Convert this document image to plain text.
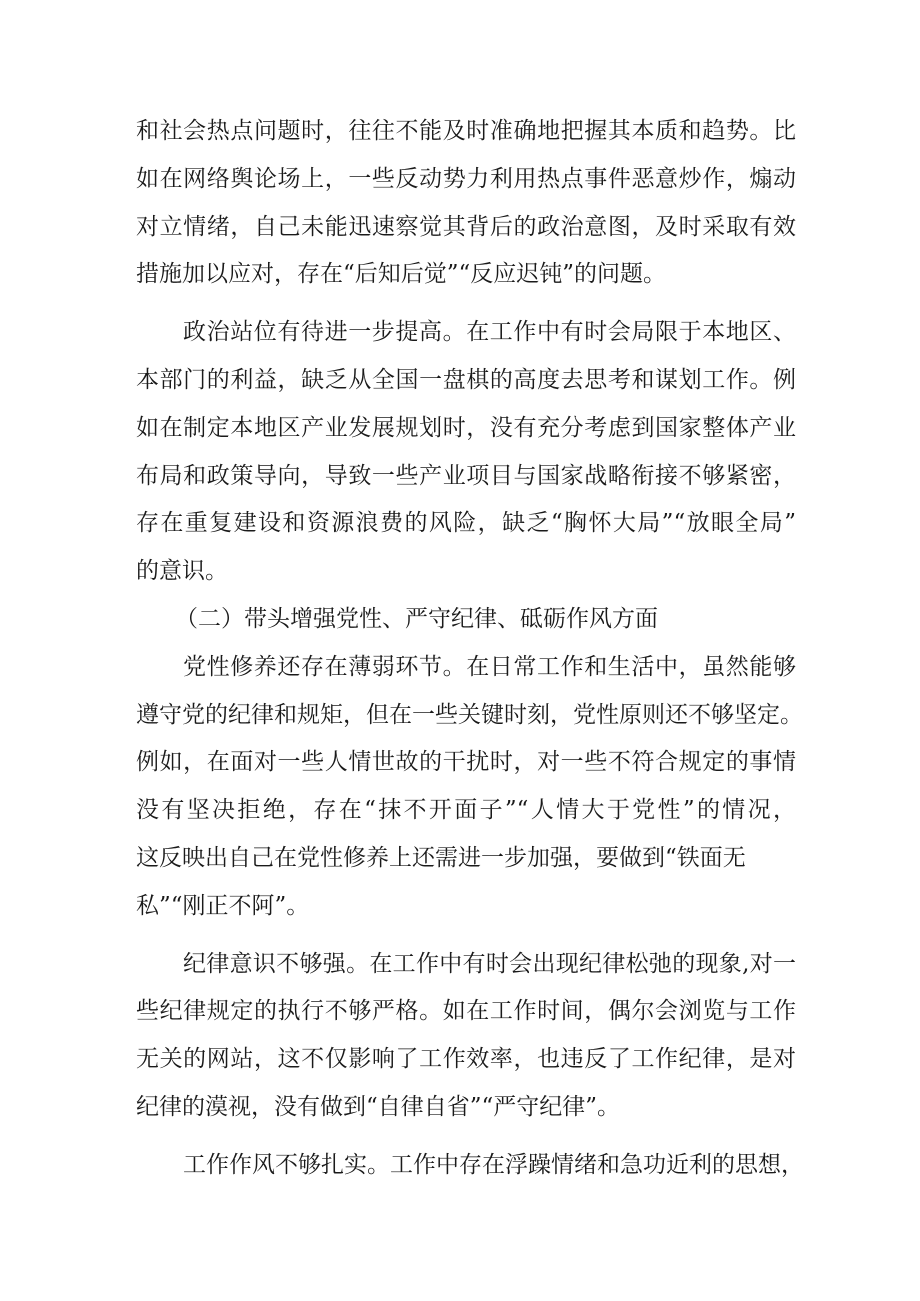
和社会热点问题时，往往不能及时准确地把握其本质和趋势。比
如在网络舆论场上，一些反动势力利用热点事件恶意炒作，煽动
对立情绪，自己未能迅速察觉其背后的政治意图，及时采取有效
措施加以应对，存在“后知后觉”“反应迟钝”的问题。
政治站位有待进一步提高。在工作中有时会局限于本地区、
本部门的利益，缺乏从全国一盘棋的高度去思考和谋划工作。例
如在制定本地区产业发展规划时，没有充分考虑到国家整体产业
布局和政策导向，导致一些产业项目与国家战略衔接不够紧密，
存在重复建设和资源浪费的风险，缺乏“胸怀大局”“放眼全局”
的意识。
（二）带头增强党性、严守纪律、砥砺作风方面
党性修养还存在薄弱环节。在日常工作和生活中，虽然能够
遵守党的纪律和规矩，但在一些关键时刻，党性原则还不够坚定。
例如，在面对一些人情世故的干扰时，对一些不符合规定的事情
没有坚决拒绝，存在“抹不开面子”“人情大于党性”的情况，
这反映出自己在党性修养上还需进一步加强，要做到“铁面无
私”“刚正不阿”。
纪律意识不够强。在工作中有时会出现纪律松弛的现象,对一
些纪律规定的执行不够严格。如在工作时间，偶尔会浏览与工作
无关的网站，这不仅影响了工作效率，也违反了工作纪律，是对
纪律的漠视，没有做到“自律自省”“严守纪律”。
工作作风不够扎实。工作中存在浮躁情绪和急功近利的思想，
